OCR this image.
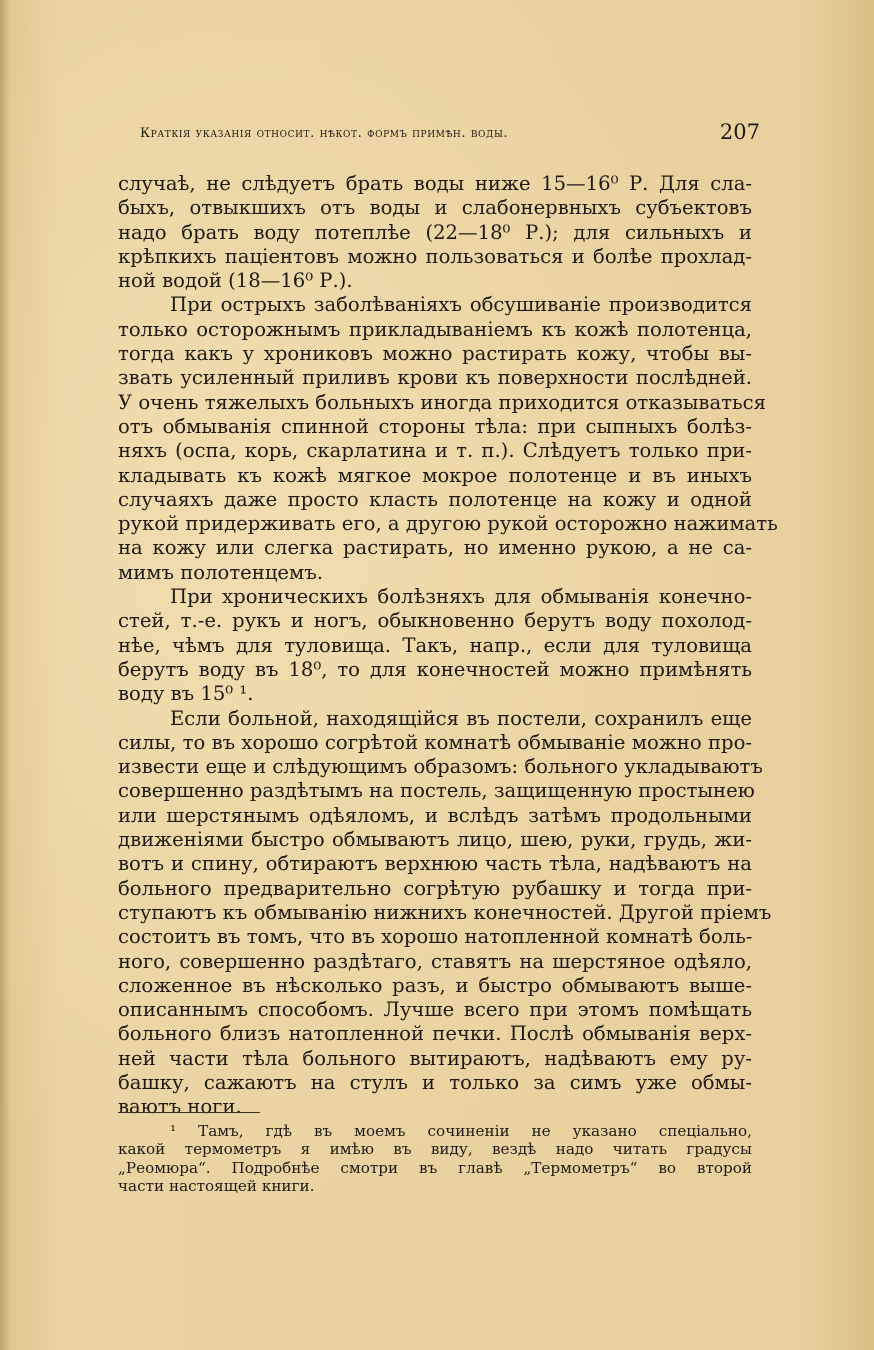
Краткія указанія относит. нѣкот. формъ примѣн. воды.	207
случаѣ, не слѣдуетъ брать воды ниже 15—16⁰ Р. Для сла-
быхъ, отвыкшихъ отъ воды и слабонервныхъ субъектовъ
надо брать воду потеплѣе (22—18⁰ Р.); для сильныхъ и
крѣпкихъ пацiентовъ можно пользоваться и болѣе прохлад-
ной водой (18—16⁰ Р.).
При острыхъ заболѣваніяхъ обсушиваніе производится
только осторожнымъ прикладываніемъ къ кожѣ полотенца,
тогда какъ у хрониковъ можно растирать кожу, чтобы вы-
звать усиленный приливъ крови къ поверхности послѣдней.
У очень тяжелыхъ больныхъ иногда приходится отказываться
отъ обмыванія спинной стороны тѣла: при сыпныхъ болѣз-
няхъ (оспа, корь, скарлатина и т. п.). Слѣдуетъ только при-
кладывать къ кожѣ мягкое мокрое полотенце и въ иныхъ
случаяхъ даже просто класть полотенце на кожу и одной
рукой придерживать его, а другою рукой осторожно нажимать
на кожу или слегка растирать, но именно рукою, а не са-
мимъ полотенцемъ.
При хроническихъ болѣзняхъ для обмыванія конечно-
стей, т.-е. рукъ и ногъ, обыкновенно берутъ воду похолод-
нѣе, чѣмъ для туловища. Такъ, напр., если для туловища
берутъ воду въ 18⁰, то для конечностей можно примѣнять
воду въ 15⁰ ¹.
Если больной, находящійся въ постели, сохранилъ еще
силы, то въ хорошо согрѣтой комнатѣ обмываніе можно про-
извести еще и слѣдующимъ образомъ: больного укладываютъ
совершенно раздѣтымъ на постель, защищенную простынею
или шерстянымъ одѣяломъ, и вслѣдъ затѣмъ продольными
движеніями быстро обмываютъ лицо, шею, руки, грудь, жи-
вотъ и спину, обтираютъ верхнюю часть тѣла, надѣваютъ на
больного предварительно согрѣтую рубашку и тогда при-
ступаютъ къ обмыванію нижнихъ конечностей. Другой пріемъ
состоитъ въ томъ, что въ хорошо натопленной комнатѣ боль-
ного, совершенно раздѣтаго, ставятъ на шерстяное одѣяло,
сложенное въ нѣсколько разъ, и быстро обмываютъ выше-
описаннымъ способомъ. Лучше всего при этомъ помѣщать
больного близъ натопленной печки. Послѣ обмыванія верх-
ней части тѣла больного вытираютъ, надѣваютъ ему ру-
башку, сажаютъ на стулъ и только за симъ уже обмы-
ваютъ ноги.
¹ Тамъ, гдѣ въ моемъ сочиненіи не указано спеціально,
какой термометръ я имѣю въ виду, вездѣ надо читать градусы
„Реомюра“. Подробнѣе смотри въ главѣ „Термометръ“ во второй
части настоящей книги.
